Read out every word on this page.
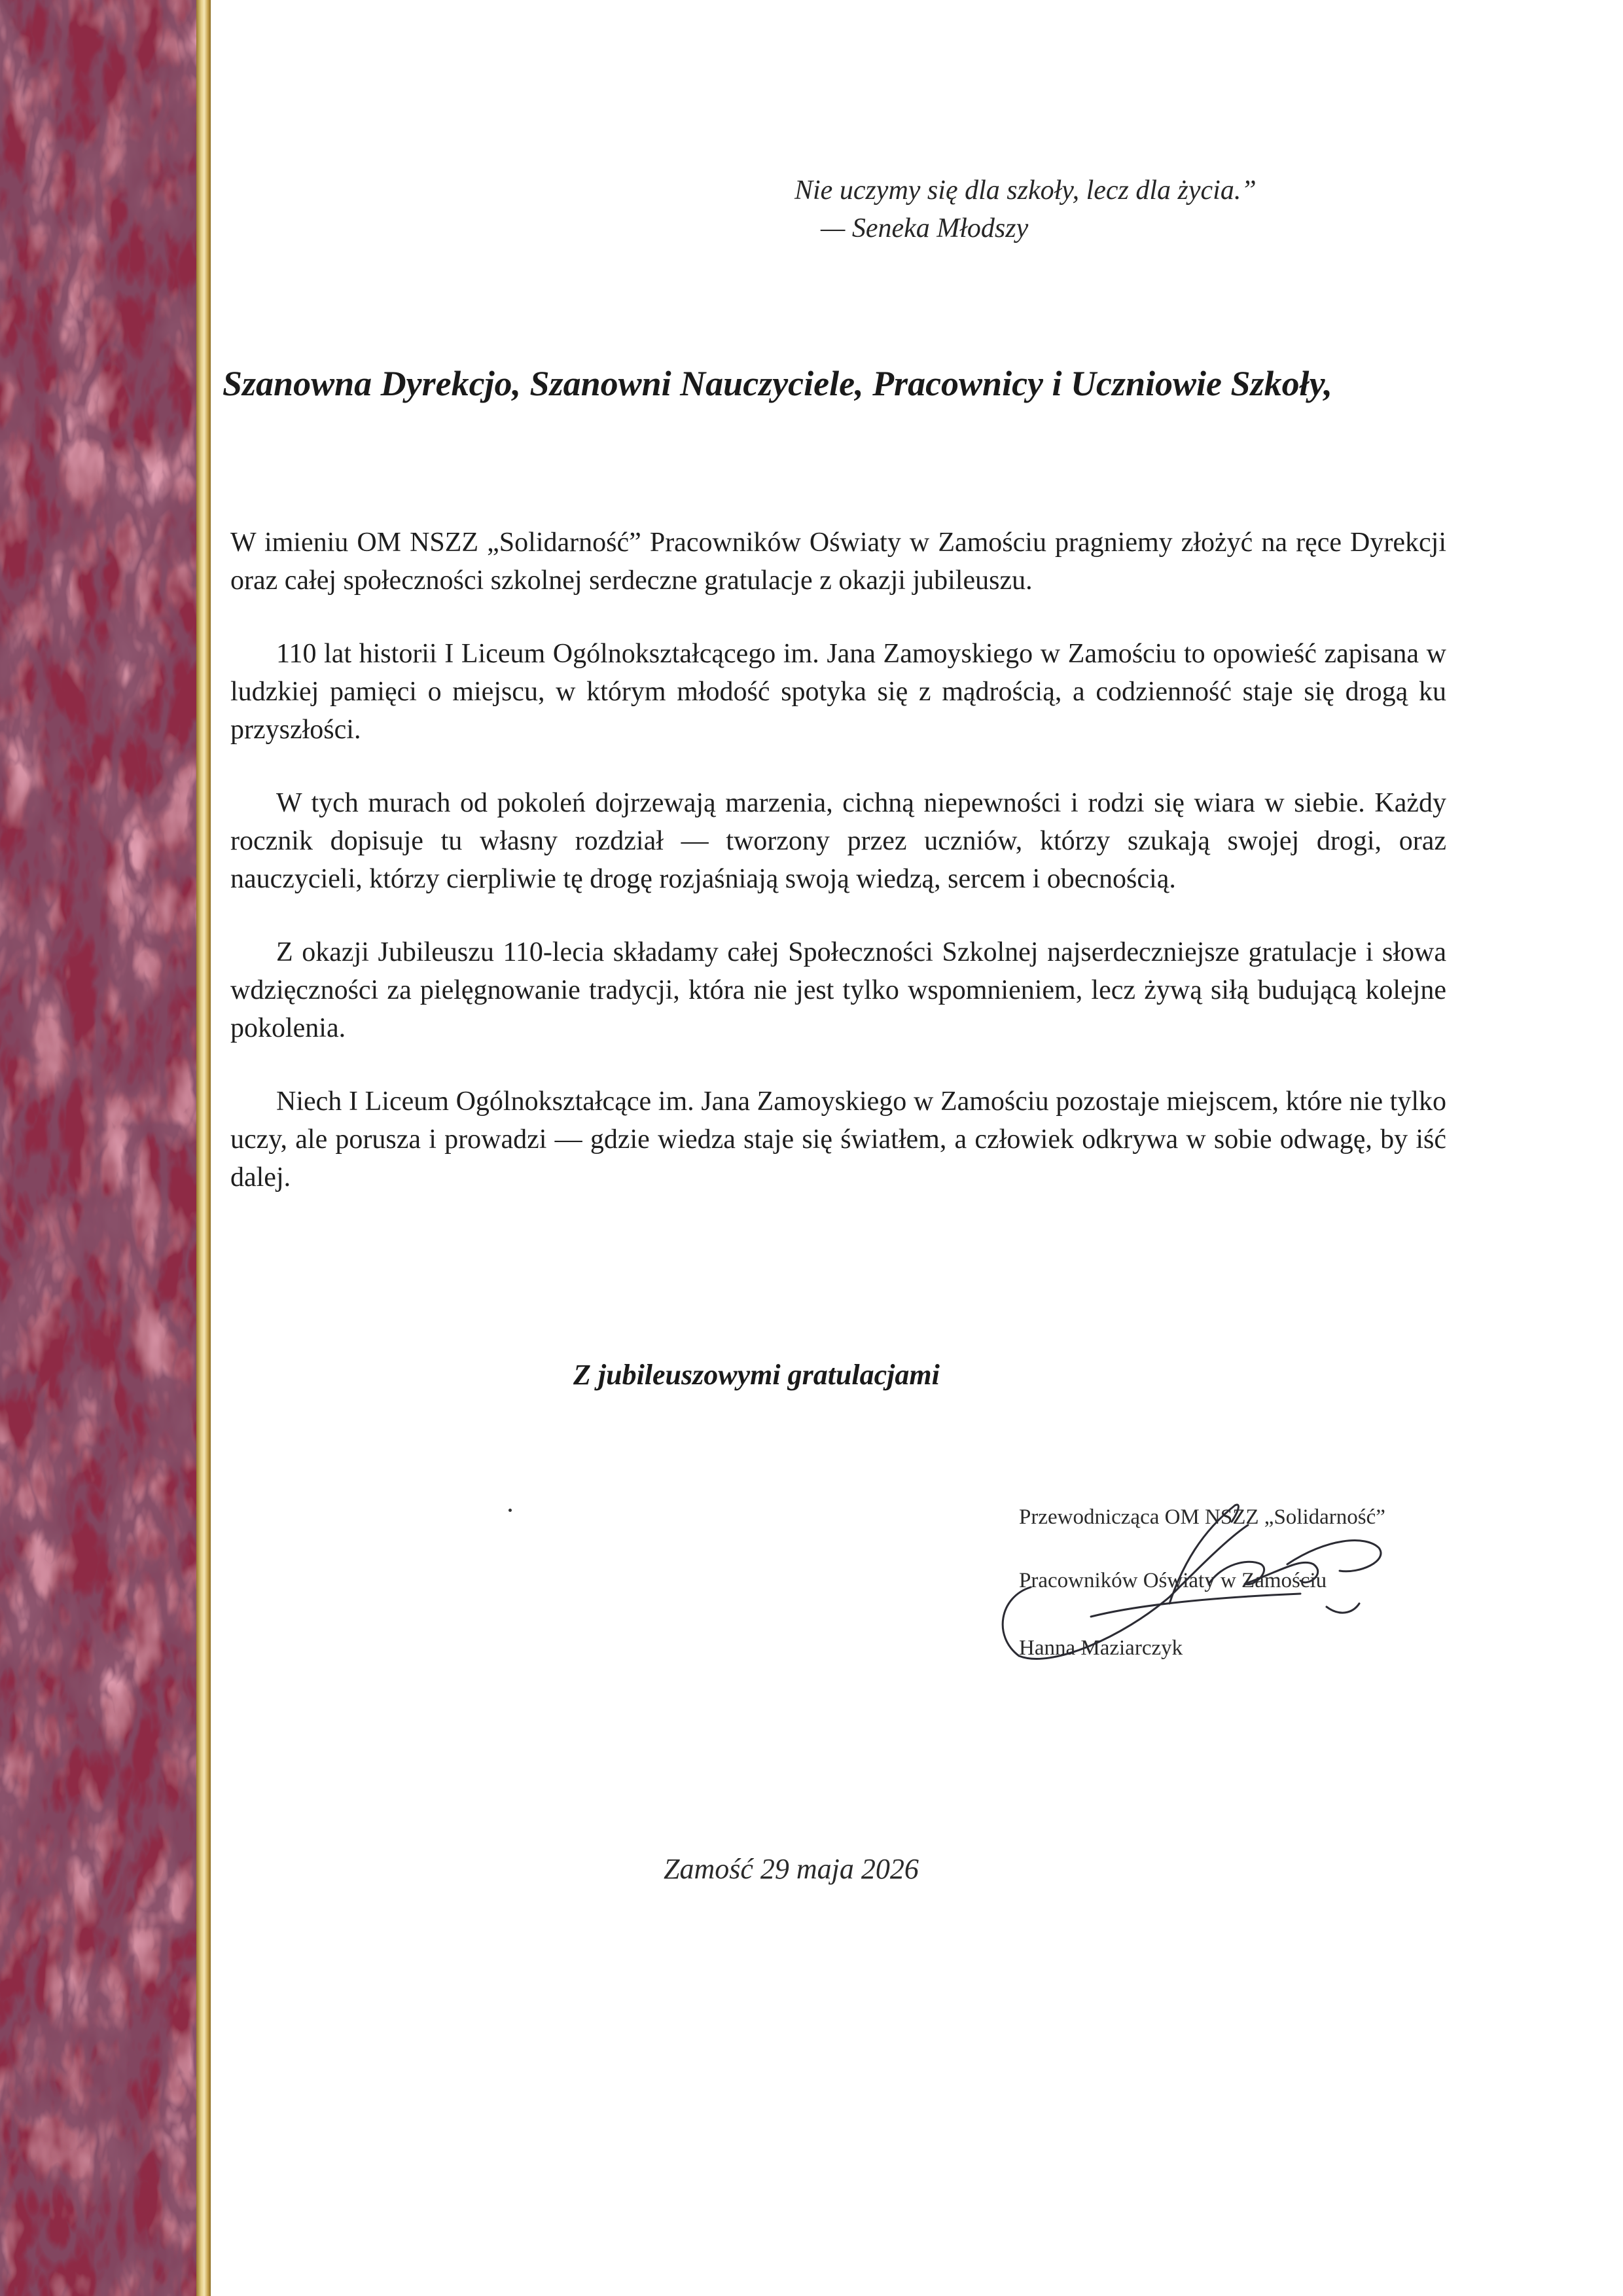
Nie uczymy się dla szkoły, lecz dla życia.”
— Seneka Młodszy
Szanowna Dyrekcjo, Szanowni Nauczyciele, Pracownicy i Uczniowie Szkoły,

W imieniu OM NSZZ „Solidarność” Pracowników Oświaty w Zamościu pragniemy złożyć na ręce Dyrekcji oraz całej społeczności szkolnej serdeczne gratulacje z okazji jubileuszu.

110 lat historii I Liceum Ogólnokształcącego im. Jana Zamoyskiego w Zamościu to opowieść zapisana w ludzkiej pamięci o miejscu, w którym młodość spotyka się z mądrością, a codzienność staje się drogą ku przyszłości.

W tych murach od pokoleń dojrzewają marzenia, cichną niepewności i rodzi się wiara w siebie. Każdy rocznik dopisuje tu własny rozdział — tworzony przez uczniów, którzy szukają swojej drogi, oraz nauczycieli, którzy cierpliwie tę drogę rozjaśniają swoją wiedzą, sercem i obecnością.

Z okazji Jubileuszu 110-lecia składamy całej Społeczności Szkolnej najserdeczniejsze gratulacje i słowa wdzięczności za pielęgnowanie tradycji, która nie jest tylko wspomnieniem, lecz żywą siłą budującą kolejne pokolenia.

Niech I Liceum Ogólnokształcące im. Jana Zamoyskiego w Zamościu pozostaje miejscem, które nie tylko uczy, ale porusza i prowadzi — gdzie wiedza staje się światłem, a człowiek odkrywa w sobie odwagę, by iść dalej.

Z jubileuszowymi gratulacjami
Przewodnicząca OM NSZZ „Solidarność”
Pracowników Oświaty w Zamościu
Hanna Maziarczyk
Zamość 29 maja 2026
